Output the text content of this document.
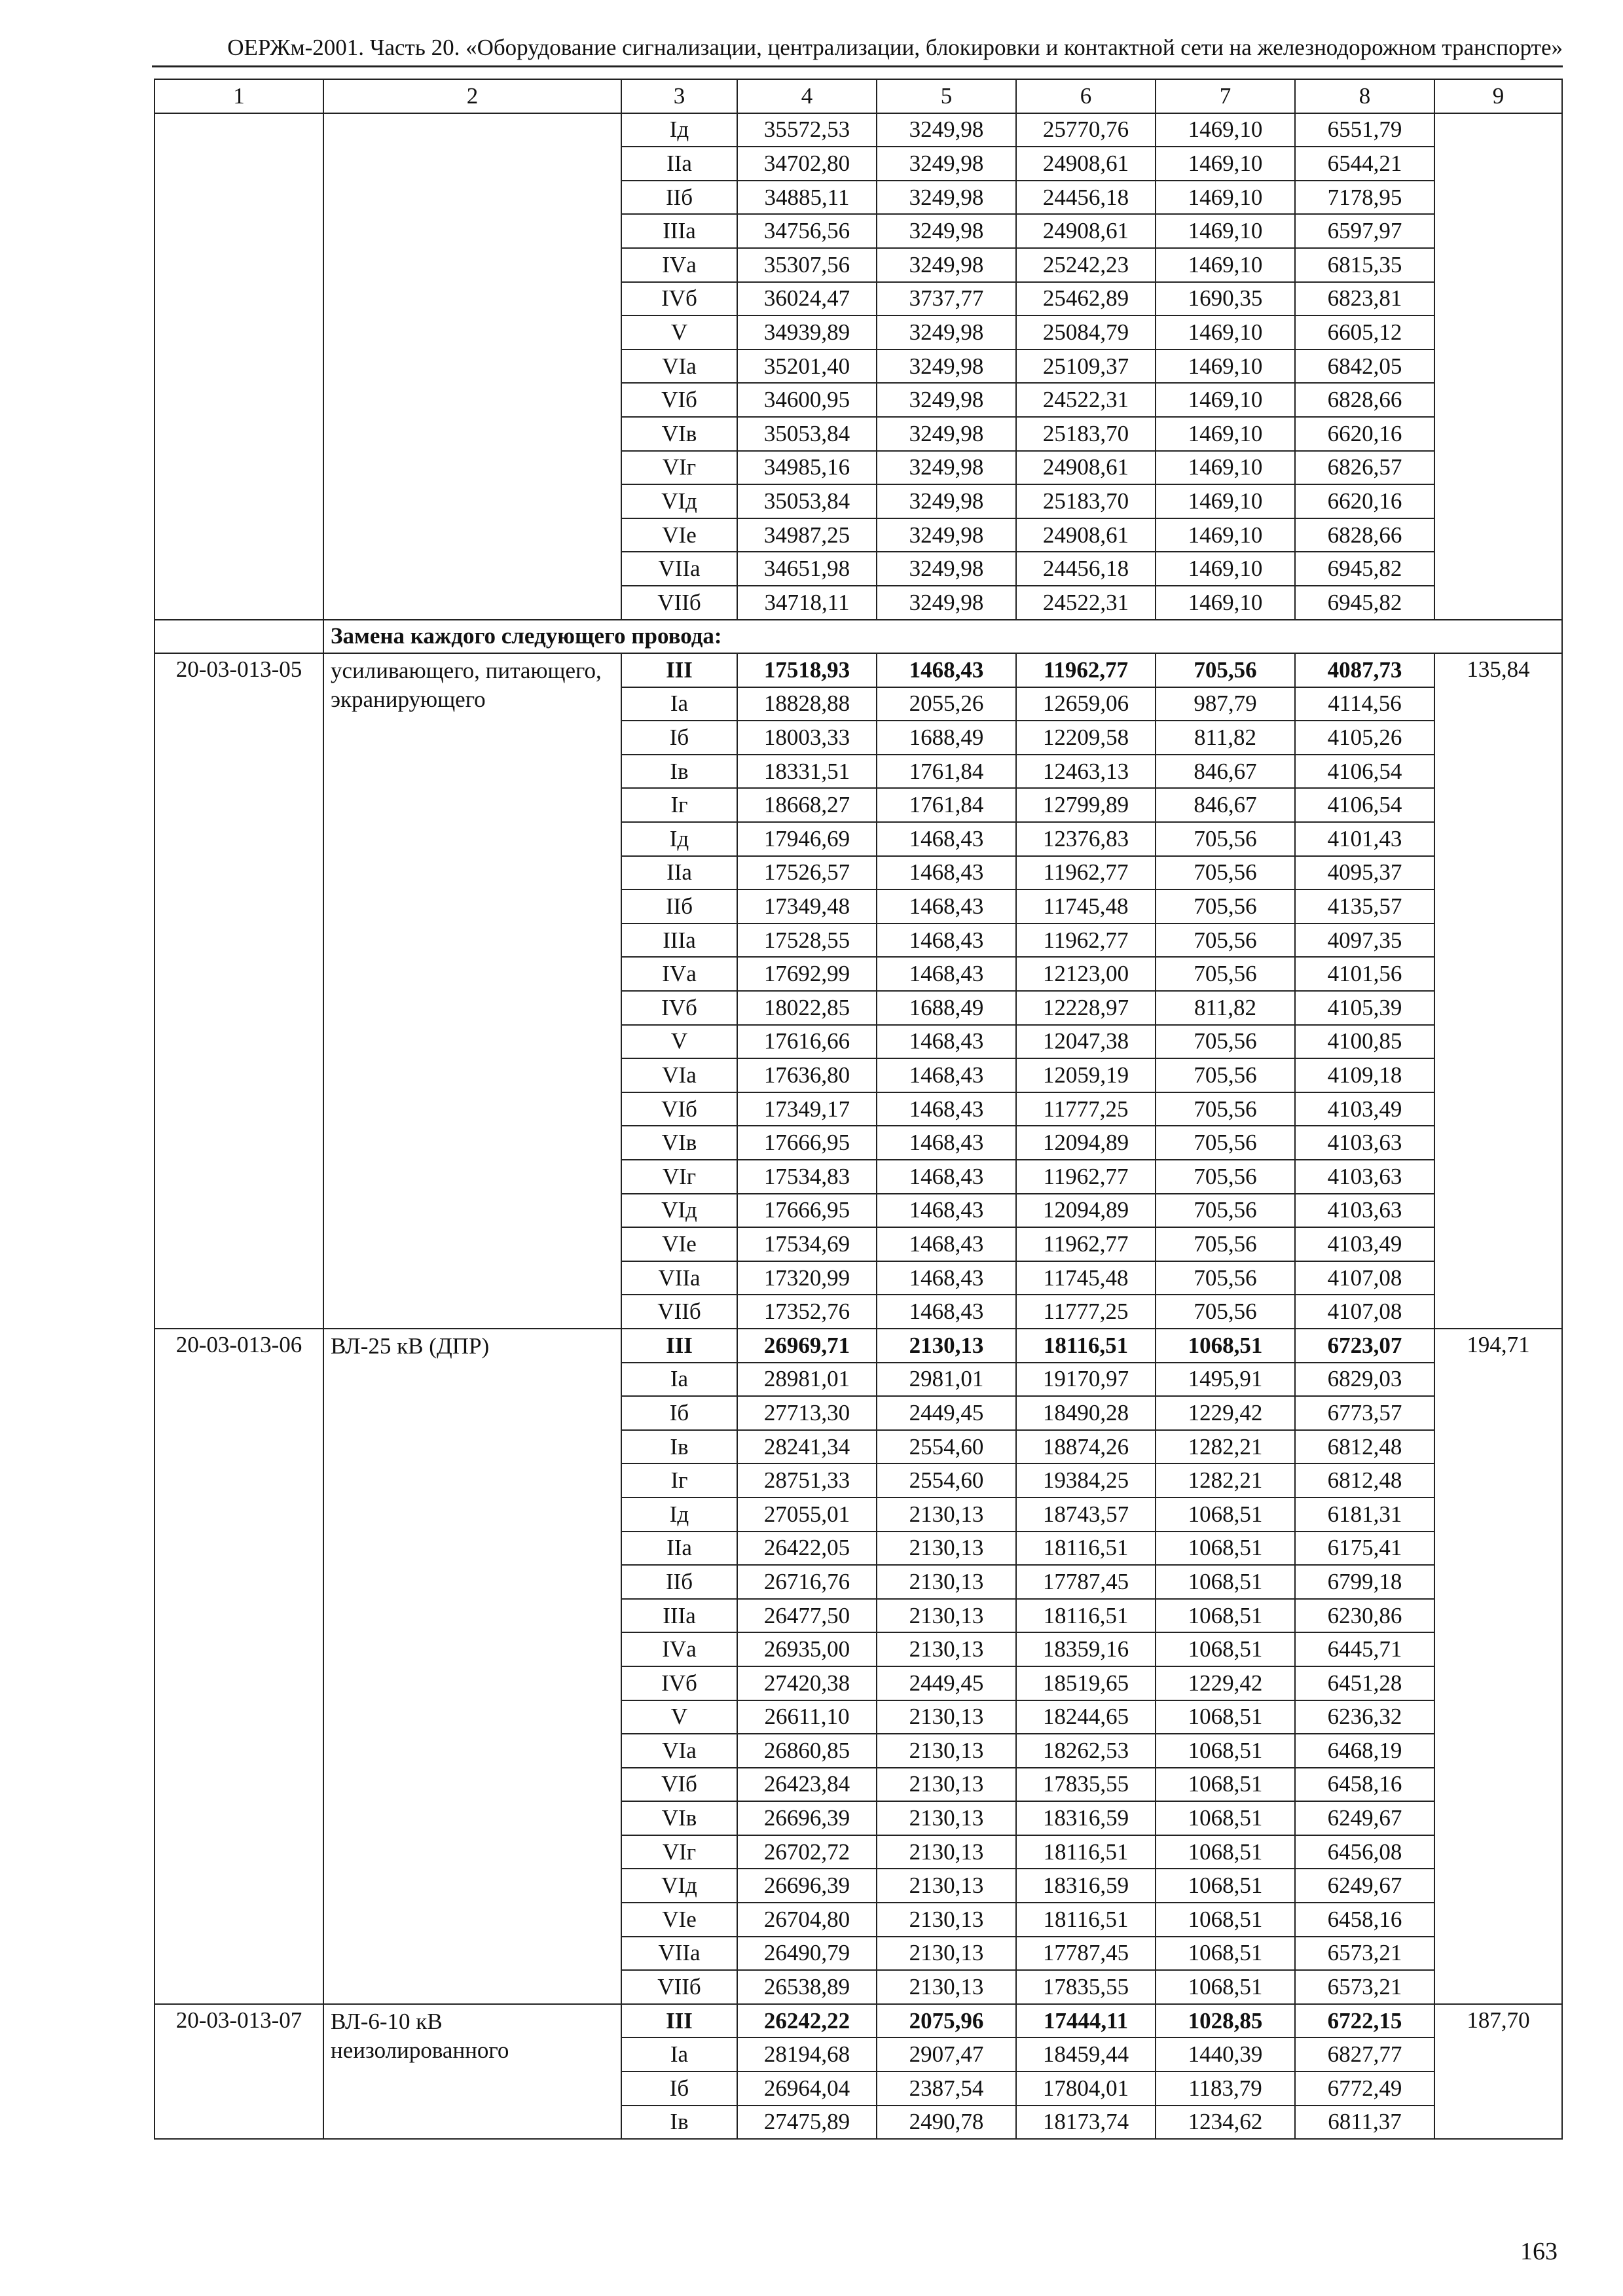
ОЕРЖм-2001. Часть 20. «Оборудование сигнализации, централизации, блокировки и контактной сети на железнодорожном транспорте»
1	2	3	4	5	6	7	8	9
		Iд	35572,53	3249,98	25770,76	1469,10	6551,79	
		IIа	34702,80	3249,98	24908,61	1469,10	6544,21	
		IIб	34885,11	3249,98	24456,18	1469,10	7178,95	
		IIIа	34756,56	3249,98	24908,61	1469,10	6597,97	
		IVа	35307,56	3249,98	25242,23	1469,10	6815,35	
		IVб	36024,47	3737,77	25462,89	1690,35	6823,81	
		V	34939,89	3249,98	25084,79	1469,10	6605,12	
		VIа	35201,40	3249,98	25109,37	1469,10	6842,05	
		VIб	34600,95	3249,98	24522,31	1469,10	6828,66	
		VIв	35053,84	3249,98	25183,70	1469,10	6620,16	
		VIг	34985,16	3249,98	24908,61	1469,10	6826,57	
		VIд	35053,84	3249,98	25183,70	1469,10	6620,16	
		VIе	34987,25	3249,98	24908,61	1469,10	6828,66	
		VIIа	34651,98	3249,98	24456,18	1469,10	6945,82	
		VIIб	34718,11	3249,98	24522,31	1469,10	6945,82	
	Замена каждого следующего провода:							
20-03-013-05	усиливающего, питающего, экранирующего	III	17518,93	1468,43	11962,77	705,56	4087,73	135,84
		Iа	18828,88	2055,26	12659,06	987,79	4114,56	
		Iб	18003,33	1688,49	12209,58	811,82	4105,26	
		Iв	18331,51	1761,84	12463,13	846,67	4106,54	
		Iг	18668,27	1761,84	12799,89	846,67	4106,54	
		Iд	17946,69	1468,43	12376,83	705,56	4101,43	
		IIа	17526,57	1468,43	11962,77	705,56	4095,37	
		IIб	17349,48	1468,43	11745,48	705,56	4135,57	
		IIIа	17528,55	1468,43	11962,77	705,56	4097,35	
		IVа	17692,99	1468,43	12123,00	705,56	4101,56	
		IVб	18022,85	1688,49	12228,97	811,82	4105,39	
		V	17616,66	1468,43	12047,38	705,56	4100,85	
		VIа	17636,80	1468,43	12059,19	705,56	4109,18	
		VIб	17349,17	1468,43	11777,25	705,56	4103,49	
		VIв	17666,95	1468,43	12094,89	705,56	4103,63	
		VIг	17534,83	1468,43	11962,77	705,56	4103,63	
		VIд	17666,95	1468,43	12094,89	705,56	4103,63	
		VIе	17534,69	1468,43	11962,77	705,56	4103,49	
		VIIа	17320,99	1468,43	11745,48	705,56	4107,08	
		VIIб	17352,76	1468,43	11777,25	705,56	4107,08	
20-03-013-06	ВЛ-25 кВ (ДПР)	III	26969,71	2130,13	18116,51	1068,51	6723,07	194,71
		Iа	28981,01	2981,01	19170,97	1495,91	6829,03	
		Iб	27713,30	2449,45	18490,28	1229,42	6773,57	
		Iв	28241,34	2554,60	18874,26	1282,21	6812,48	
		Iг	28751,33	2554,60	19384,25	1282,21	6812,48	
		Iд	27055,01	2130,13	18743,57	1068,51	6181,31	
		IIа	26422,05	2130,13	18116,51	1068,51	6175,41	
		IIб	26716,76	2130,13	17787,45	1068,51	6799,18	
		IIIа	26477,50	2130,13	18116,51	1068,51	6230,86	
		IVа	26935,00	2130,13	18359,16	1068,51	6445,71	
		IVб	27420,38	2449,45	18519,65	1229,42	6451,28	
		V	26611,10	2130,13	18244,65	1068,51	6236,32	
		VIа	26860,85	2130,13	18262,53	1068,51	6468,19	
		VIб	26423,84	2130,13	17835,55	1068,51	6458,16	
		VIв	26696,39	2130,13	18316,59	1068,51	6249,67	
		VIг	26702,72	2130,13	18116,51	1068,51	6456,08	
		VIд	26696,39	2130,13	18316,59	1068,51	6249,67	
		VIе	26704,80	2130,13	18116,51	1068,51	6458,16	
		VIIа	26490,79	2130,13	17787,45	1068,51	6573,21	
		VIIб	26538,89	2130,13	17835,55	1068,51	6573,21	
20-03-013-07	ВЛ-6-10 кВ неизолированного	III	26242,22	2075,96	17444,11	1028,85	6722,15	187,70
		Iа	28194,68	2907,47	18459,44	1440,39	6827,77	
		Iб	26964,04	2387,54	17804,01	1183,79	6772,49	
		Iв	27475,89	2490,78	18173,74	1234,62	6811,37	
163
